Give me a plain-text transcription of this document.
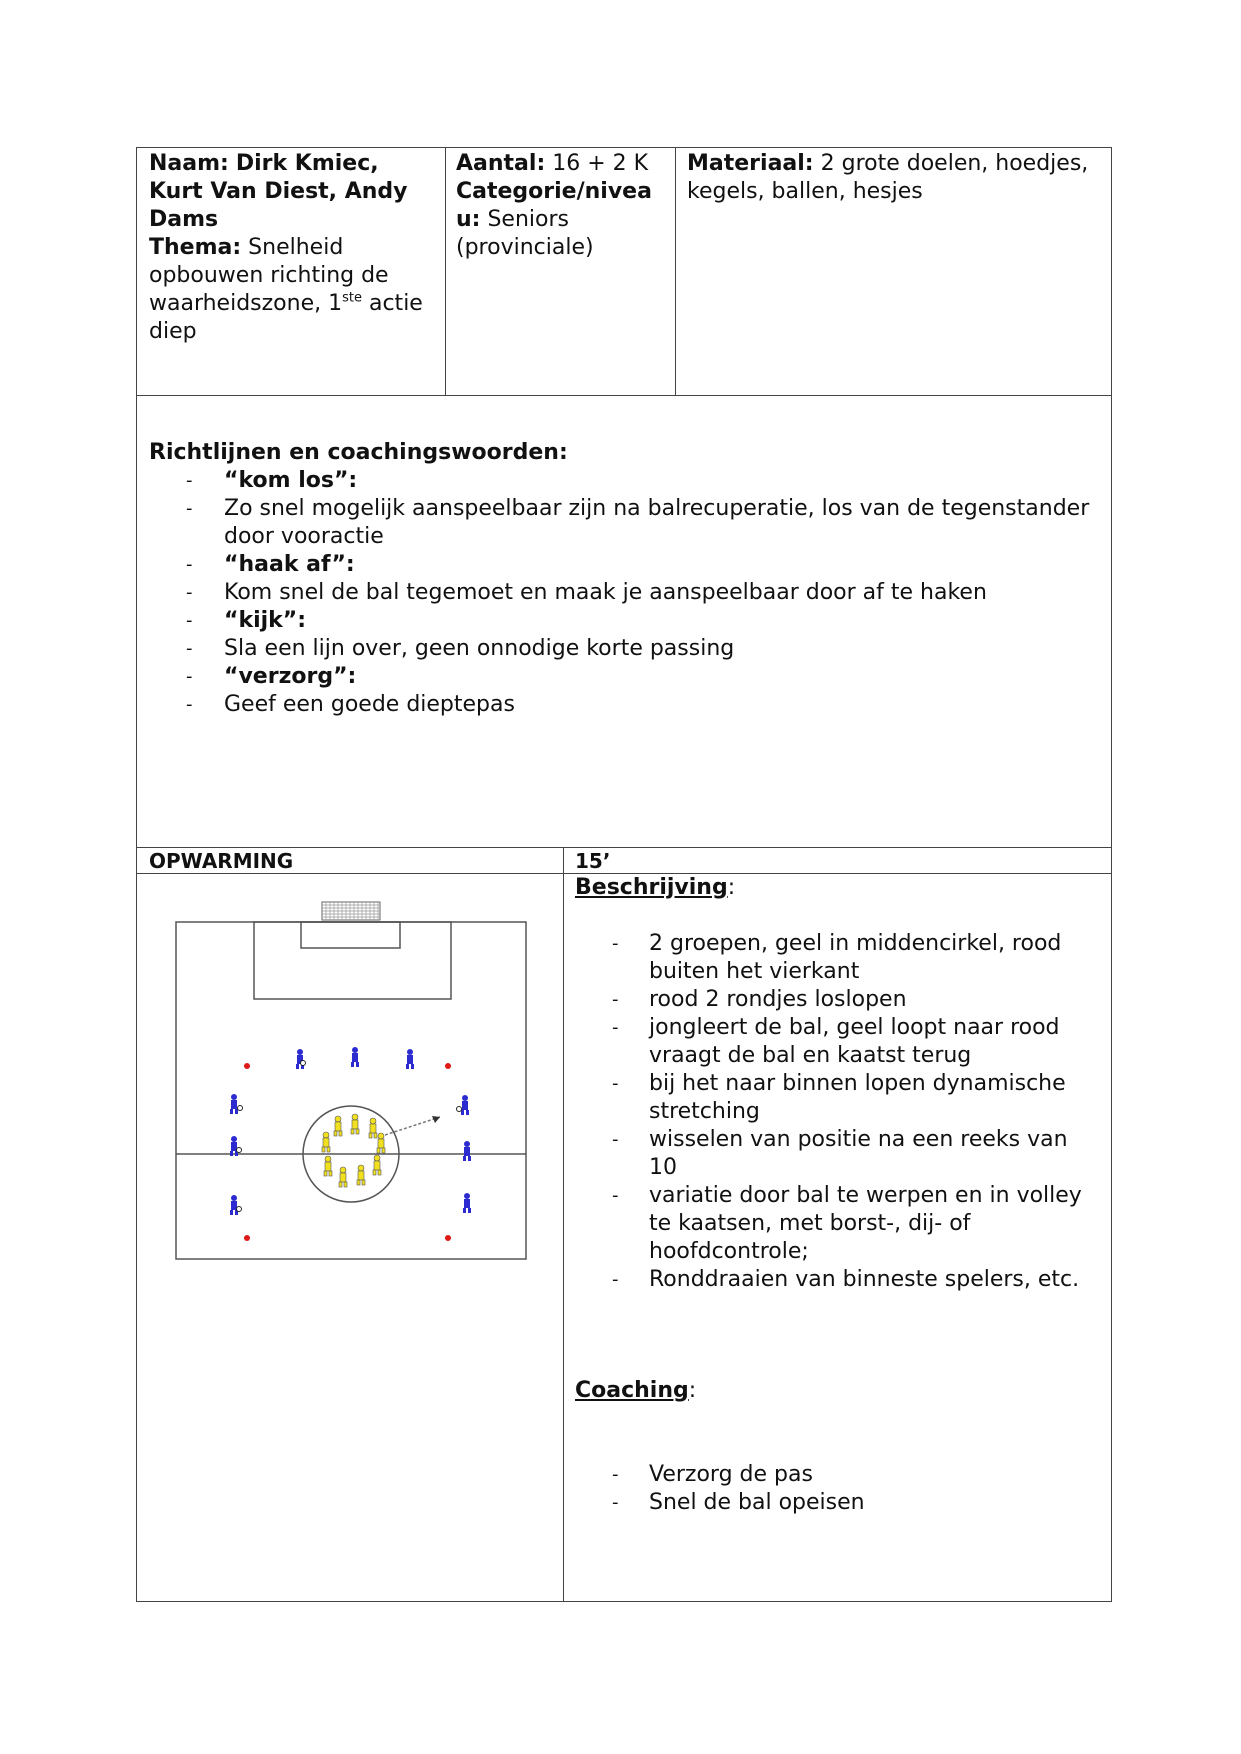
Naam: Dirk Kmiec, Kurt Van Diest, Andy Dams
Thema: Snelheid opbouwen richting de waarheidszone, 1ste actie diep
Aantal: 16 + 2 K
Categorie/niveau: Seniors (provinciale)
Materiaal: 2 grote doelen, hoedjes, kegels, ballen, hesjes
Richtlijnen en coachingswoorden:
- “kom los”:
- Zo snel mogelijk aanspeelbaar zijn na balrecuperatie, los van de tegenstander door vooractie
- “haak af”:
- Kom snel de bal tegemoet en maak je aanspeelbaar door af te haken
- “kijk”:
- Sla een lijn over, geen onnodige korte passing
- “verzorg”:
- Geef een goede dieptepas
OPWARMING	15’
Beschrijving:
- 2 groepen, geel in middencirkel, rood buiten het vierkant
- rood 2 rondjes loslopen
- jongleert de bal, geel loopt naar rood vraagt de bal en kaatst terug
- bij het naar binnen lopen dynamische stretching
- wisselen van positie na een reeks van 10
- variatie door bal te werpen en in volley te kaatsen, met borst-, dij- of hoofdcontrole;
- Ronddraaien van binneste spelers, etc.
Coaching:
- Verzorg de pas
- Snel de bal opeisen
